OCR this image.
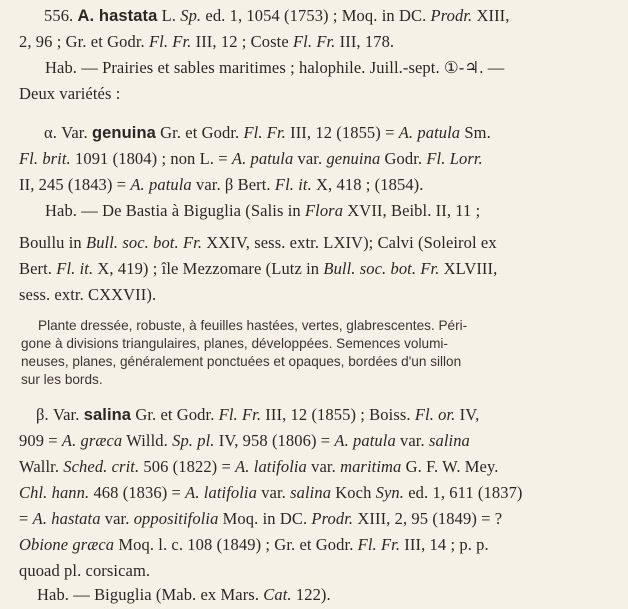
556. A. hastata L. Sp. ed. 1, 1054 (1753) ; Moq. in DC. Prodr. XIII,
2, 96 ; Gr. et Godr. Fl. Fr. III, 12 ; Coste Fl. Fr. III, 178.
Hab. — Prairies et sables maritimes ; halophile. Juill.-sept. ①-♃. —
Deux variétés :
α. Var. genuina Gr. et Godr. Fl. Fr. III, 12 (1855) = A. patula Sm.
Fl. brit. 1091 (1804) ; non L. = A. patula var. genuina Godr. Fl. Lorr.
II, 245 (1843) = A. patula var. β Bert. Fl. it. X, 418 ; (1854).
Hab. — De Bastia à Biguglia (Salis in Flora XVII, Beibl. II, 11 ;
Boullu in Bull. soc. bot. Fr. XXIV, sess. extr. LXIV); Calvi (Soleirol ex
Bert. Fl. it. X, 419) ; île Mezzomare (Lutz in Bull. soc. bot. Fr. XLVIII,
sess. extr. CXXVII).
Plante dressée, robuste, à feuilles hastées, vertes, glabrescentes. Péri-
gone à divisions triangulaires, planes, développées. Semences volumi-
neuses, planes, généralement ponctuées et opaques, bordées d'un sillon
sur les bords.
β. Var. salina Gr. et Godr. Fl. Fr. III, 12 (1855) ; Boiss. Fl. or. IV,
909 = A. græca Willd. Sp. pl. IV, 958 (1806) = A. patula var. salina
Wallr. Sched. crit. 506 (1822) = A. latifolia var. maritima G. F. W. Mey.
Chl. hann. 468 (1836) = A. latifolia var. salina Koch Syn. ed. 1, 611 (1837)
= A. hastata var. oppositifolia Moq. in DC. Prodr. XIII, 2, 95 (1849) = ?
Obione græca Moq. l. c. 108 (1849) ; Gr. et Godr. Fl. Fr. III, 14 ; p. p.
quoad pl. corsicam.
Hab. — Biguglia (Mab. ex Mars. Cat. 122).
